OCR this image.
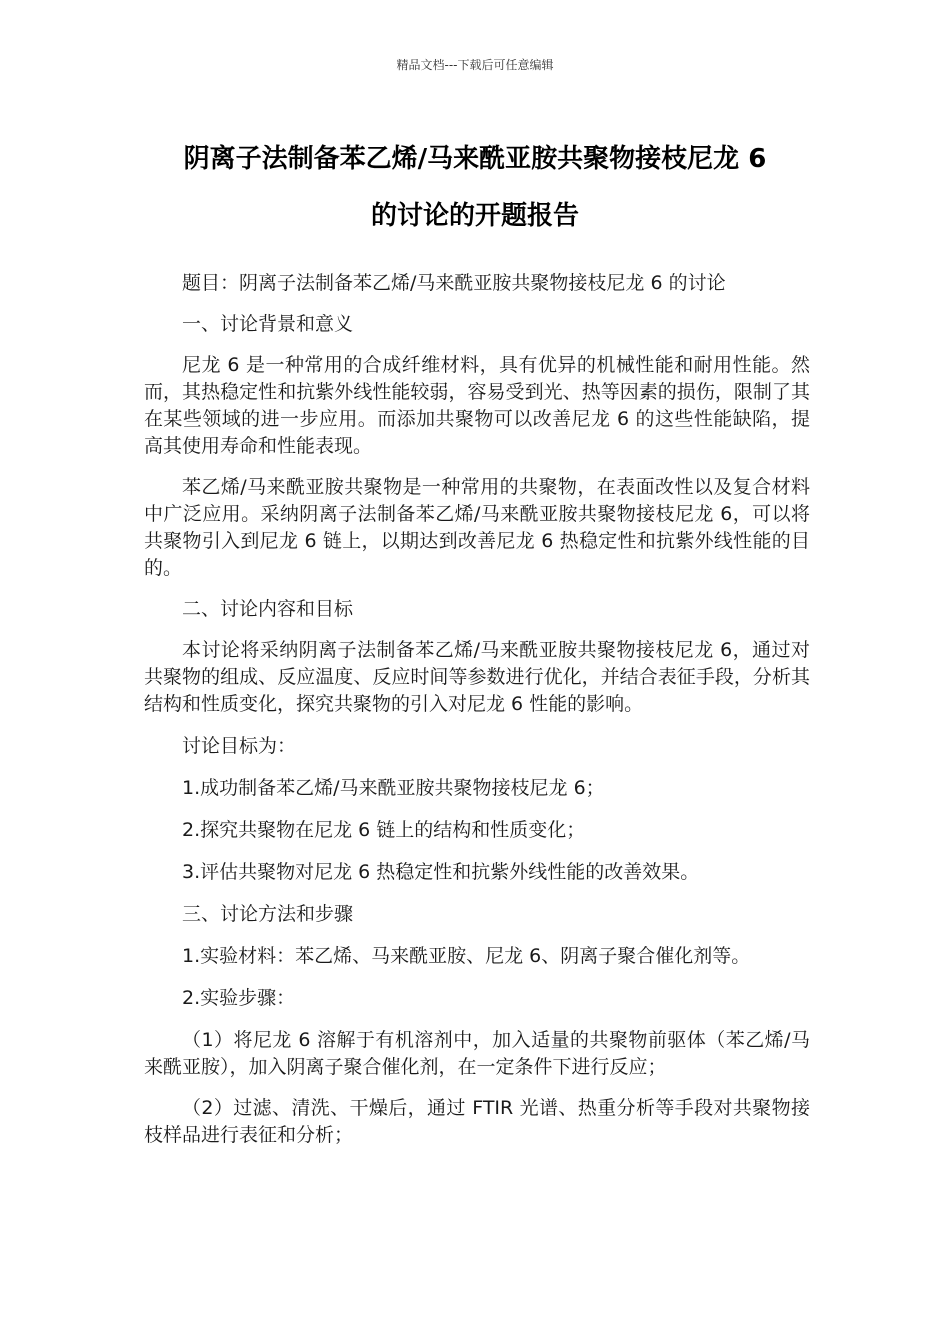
精品文档---下载后可任意编辑
阴离子法制备苯乙烯/马来酰亚胺共聚物接枝尼龙 6
的讨论的开题报告

题目：阴离子法制备苯乙烯/马来酰亚胺共聚物接枝尼龙 6 的讨论

一、讨论背景和意义

尼龙 6 是一种常用的合成纤维材料，具有优异的机械性能和耐用性能。然而，其热稳定性和抗紫外线性能较弱，容易受到光、热等因素的损伤，限制了其在某些领域的进一步应用。而添加共聚物可以改善尼龙 6 的这些性能缺陷，提高其使用寿命和性能表现。

苯乙烯/马来酰亚胺共聚物是一种常用的共聚物，在表面改性以及复合材料中广泛应用。采纳阴离子法制备苯乙烯/马来酰亚胺共聚物接枝尼龙 6，可以将共聚物引入到尼龙 6 链上，以期达到改善尼龙 6 热稳定性和抗紫外线性能的目的。

二、讨论内容和目标

本讨论将采纳阴离子法制备苯乙烯/马来酰亚胺共聚物接枝尼龙 6，通过对共聚物的组成、反应温度、反应时间等参数进行优化，并结合表征手段，分析其结构和性质变化，探究共聚物的引入对尼龙 6 性能的影响。

讨论目标为：

1.成功制备苯乙烯/马来酰亚胺共聚物接枝尼龙 6；

2.探究共聚物在尼龙 6 链上的结构和性质变化；

3.评估共聚物对尼龙 6 热稳定性和抗紫外线性能的改善效果。

三、讨论方法和步骤

1.实验材料：苯乙烯、马来酰亚胺、尼龙 6、阴离子聚合催化剂等。

2.实验步骤：

（1）将尼龙 6 溶解于有机溶剂中，加入适量的共聚物前驱体（苯乙烯/马来酰亚胺），加入阴离子聚合催化剂，在一定条件下进行反应；

（2）过滤、清洗、干燥后，通过 FTIR 光谱、热重分析等手段对共聚物接枝样品进行表征和分析；
